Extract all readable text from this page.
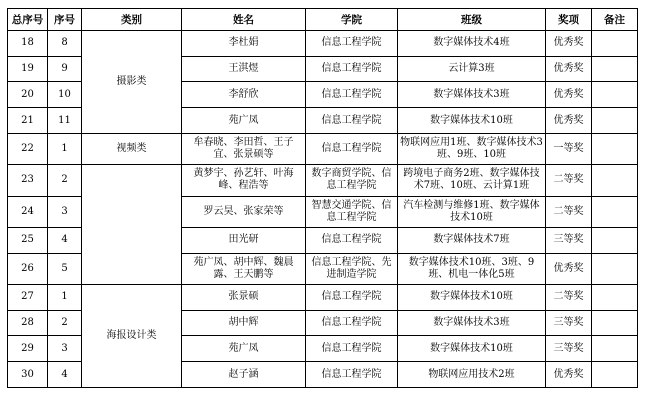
总序号	序号	类别	姓名	学院	班级	奖项	备注
18	8	摄影类	李杜娟	信息工程学院	数字媒体技术4班	优秀奖	
19	9		王淇煜	信息工程学院	云计算3班	优秀奖	
20	10		李舒欣	信息工程学院	数字媒体技术3班	优秀奖	
21	11		苑广凤	信息工程学院	数字媒体技术10班	优秀奖	
22	1	视频类	牟春晓、李田哲、王子宜、张景硕等	信息工程学院	物联网应用1班、数字媒体技术3班、9班、10班	一等奖	
23	2		黄梦宇、孙艺轩、叶海峰、程浩等	数字商贸学院、信息工程学院	跨境电子商务2班、数字媒体技术7班、10班、云计算1班	二等奖	
24	3		罗云昊、张家荣等	智慧交通学院、信息工程学院	汽车检测与维修1班、数字媒体技术10班	二等奖	
25	4		田光研	信息工程学院	数字媒体技术7班	三等奖	
26	5		苑广凤、胡中辉、魏晨露、王天鹏等	信息工程学院、先进制造学院	数字媒体技术10班、3班、9班、机电一体化5班	优秀奖	
27	1	海报设计类	张景硕	信息工程学院	数字媒体技术10班	二等奖	
28	2		胡中辉	信息工程学院	数字媒体技术3班	三等奖	
29	3		苑广凤	信息工程学院	数字媒体技术10班	三等奖	
30	4		赵子涵	信息工程学院	物联网应用技术2班	优秀奖	
